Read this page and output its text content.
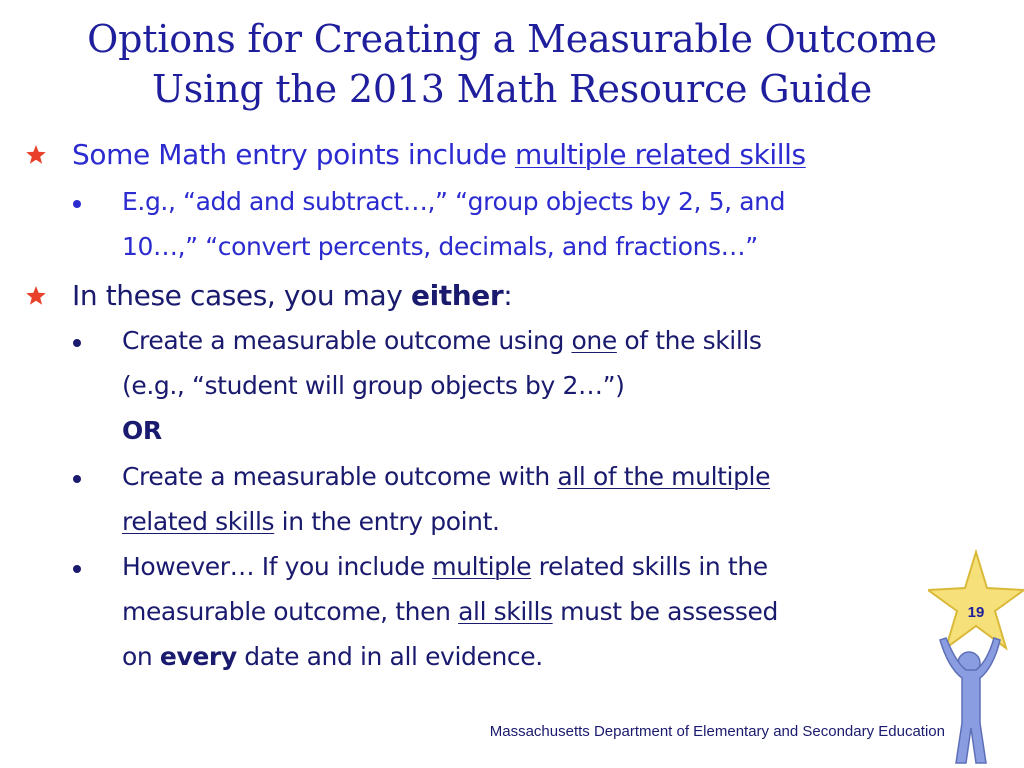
Options for Creating a Measurable Outcome
Using the 2013 Math Resource Guide
Some Math entry points include multiple related skills
E.g., “add and subtract…,” “group objects by 2, 5, and
10…,” “convert percents, decimals, and fractions…”
In these cases, you may either:
Create a measurable outcome using one of the skills
(e.g., “student will group objects by 2…”)
OR
Create a measurable outcome with all of the multiple
related skills in the entry point.
However… If you include multiple related skills in the
measurable outcome, then all skills must be assessed
on every date and in all evidence.
19
Massachusetts Department of Elementary and Secondary Education
